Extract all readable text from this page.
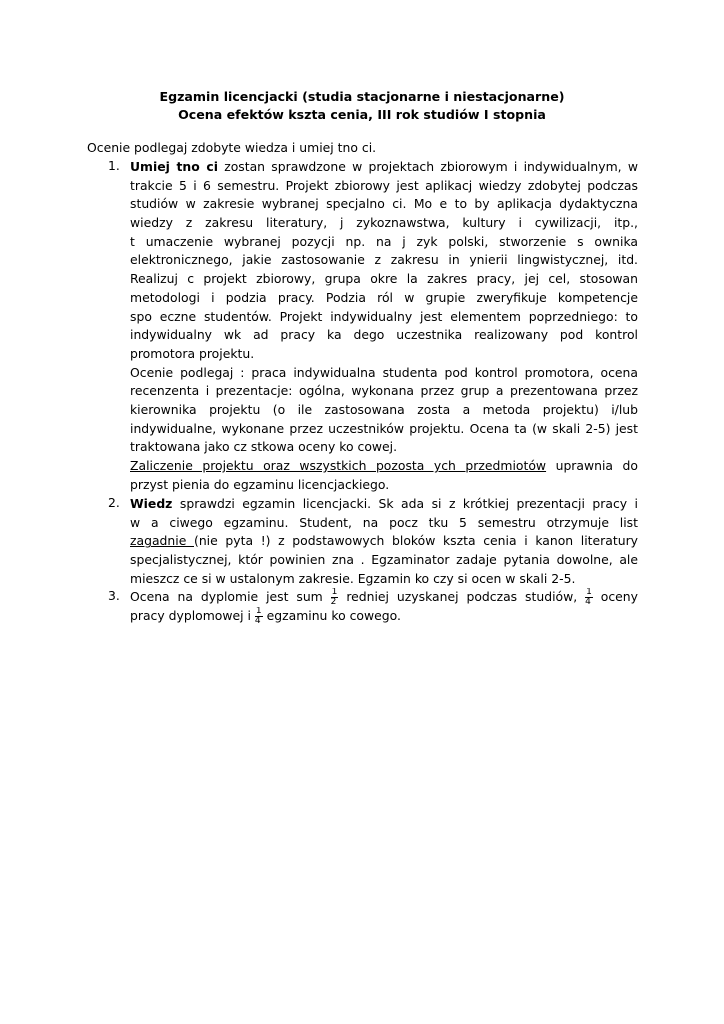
Egzamin licencjacki (studia stacjonarne i niestacjonarne)
Ocena efektów kszta cenia, III rok studiów I stopnia
Ocenie podlegaj zdobyte wiedza i umiej tno ci.
1. Umiej tno ci zostan sprawdzone w projektach zbiorowym i indywidualnym, w
trakcie 5 i 6 semestru. Projekt zbiorowy jest aplikacj wiedzy zdobytej podczas
studiów w zakresie wybranej specjalno ci. Mo e to by aplikacja dydaktyczna
wiedzy z zakresu literatury, j zykoznawstwa, kultury i cywilizacji, itp.,
t umaczenie wybranej pozycji np. na j zyk polski, stworzenie s ownika
elektronicznego, jakie zastosowanie z zakresu in ynierii lingwistycznej, itd.
Realizuj c projekt zbiorowy, grupa okre la zakres pracy, jej cel, stosowan
metodologi i podzia pracy. Podzia ról w grupie zweryfikuje kompetencje
spo eczne studentów. Projekt indywidualny jest elementem poprzedniego: to
indywidualny wk ad pracy ka dego uczestnika realizowany pod kontrol
promotora projektu.
Ocenie podlegaj : praca indywidualna studenta pod kontrol promotora, ocena
recenzenta i prezentacje: ogólna, wykonana przez grup a prezentowana przez
kierownika projektu (o ile zastosowana zosta a metoda projektu) i/lub
indywidualne, wykonane przez uczestników projektu. Ocena ta (w skali 2-5) jest
traktowana jako cz stkowa oceny ko cowej.
Zaliczenie projektu oraz wszystkich pozosta ych przedmiotów uprawnia do
przyst pienia do egzaminu licencjackiego.
2. Wiedz sprawdzi egzamin licencjacki. Sk ada si z krótkiej prezentacji pracy i
w a ciwego egzaminu. Student, na pocz tku 5 semestru otrzymuje list
zagadnie (nie pyta !) z podstawowych bloków kszta cenia i kanon literatury
specjalistycznej, któr powinien zna . Egzaminator zadaje pytania dowolne, ale
mieszcz ce si w ustalonym zakresie. Egzamin ko czy si ocen w skali 2-5.
3. Ocena na dyplomie jest sum $\frac{1}{2}$ redniej uzyskanej podczas studiów, $\frac{1}{4}$ oceny
pracy dyplomowej i $\frac{1}{4}$ egzaminu ko cowego.
